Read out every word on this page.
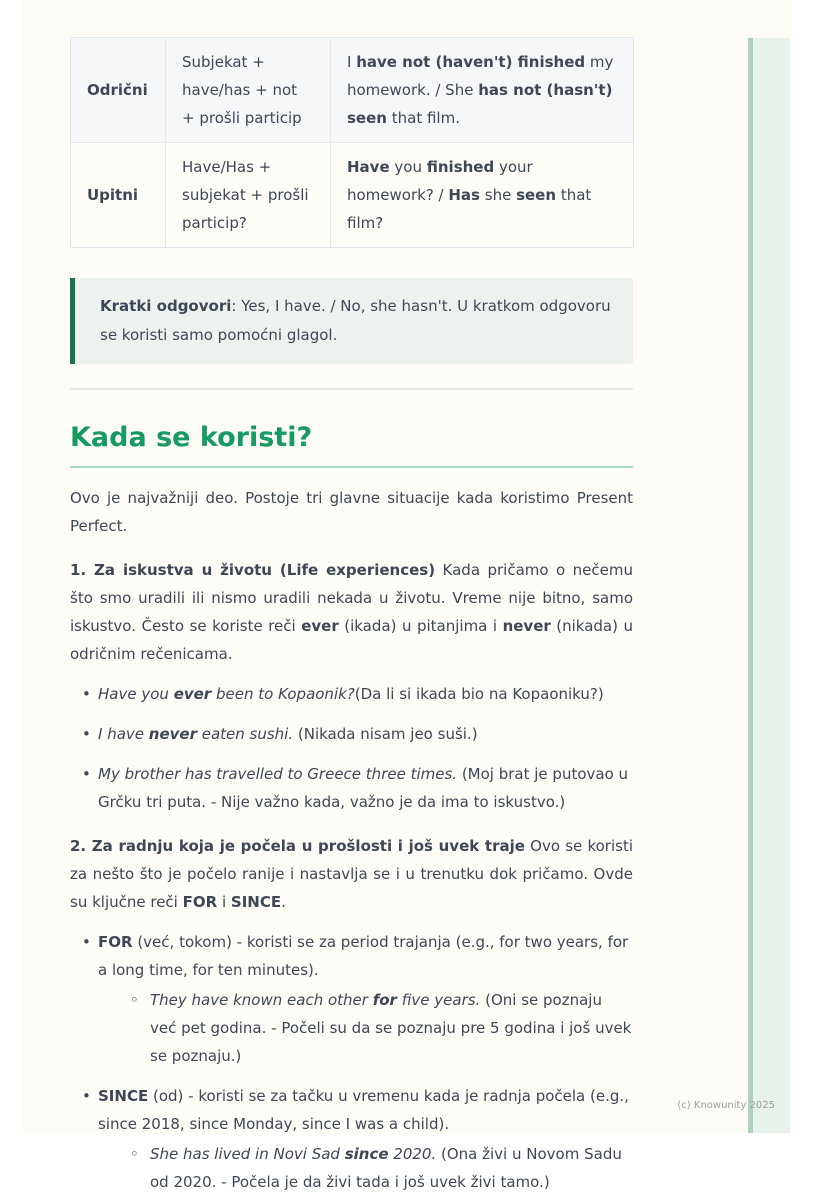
Odrični	Subjekat + have/has + not + prošli particip	I have not (haven't) finished my homework. / She has not (hasn't) seen that film.
Upitni	Have/Has + subjekat + prošli particip?	Have you finished your homework? / Has she seen that film?

Kratki odgovori: Yes, I have. / No, she hasn't. U kratkom odgovoru se koristi samo pomoćni glagol.

Kada se koristi?

Ovo je najvažniji deo. Postoje tri glavne situacije kada koristimo Present Perfect.

1. Za iskustva u životu (Life experiences) Kada pričamo o nečemu što smo uradili ili nismo uradili nekada u životu. Vreme nije bitno, samo iskustvo. Često se koriste reči ever (ikada) u pitanjima i never (nikada) u odričnim rečenicama.

• Have you ever been to Kopaonik?(Da li si ikada bio na Kopaoniku?)
• I have never eaten sushi. (Nikada nisam jeo suši.)
• My brother has travelled to Greece three times. (Moj brat je putovao u Grčku tri puta. - Nije važno kada, važno je da ima to iskustvo.)

2. Za radnju koja je počela u prošlosti i još uvek traje Ovo se koristi za nešto što je počelo ranije i nastavlja se i u trenutku dok pričamo. Ovde su ključne reči FOR i SINCE.

• FOR (već, tokom) - koristi se za period trajanja (e.g., for two years, for a long time, for ten minutes).
◦ They have known each other for five years. (Oni se poznaju već pet godina. - Počeli su da se poznaju pre 5 godina i još uvek se poznaju.)
• SINCE (od) - koristi se za tačku u vremenu kada je radnja počela (e.g., since 2018, since Monday, since I was a child).
◦ She has lived in Novi Sad since 2020. (Ona živi u Novom Sadu od 2020. - Počela je da živi tada i još uvek živi tamo.)
(c) Knowunity 2025
